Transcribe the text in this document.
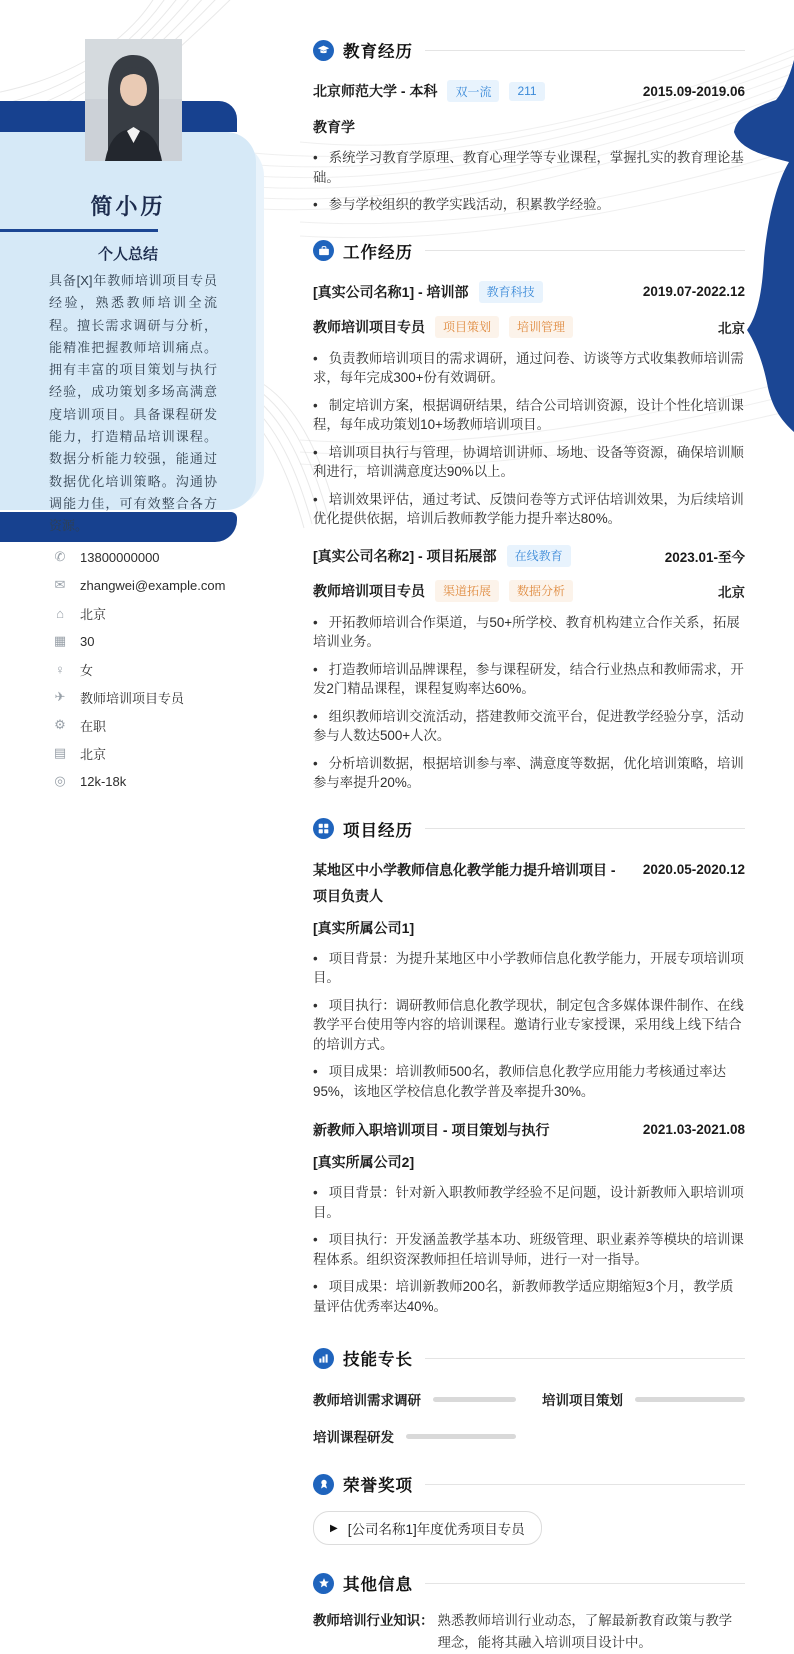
简小历
个人总结
具备[X]年教师培训项目专员经验，熟悉教师培训全流程。擅长需求调研与分析，能精准把握教师培训痛点。拥有丰富的项目策划与执行经验，成功策划多场高满意度培训项目。具备课程研发能力，打造精品培训课程。数据分析能力较强，能通过数据优化培训策略。沟通协调能力佳，可有效整合各方资源。
✆ 13800000000
✉ zhangwei@example.com
⌂	北京
▦ 30
♀ 女
✈ 教师培训项目专员
⚙ 在职
▤ 北京
◎ 12k-18k
教育经历
北京师范大学 - 本科	双一流	211	2015.09-2019.06
教育学
• 系统学习教育学原理、教育心理学等专业课程，掌握扎实的教育理论基础。
• 参与学校组织的教学实践活动，积累教学经验。
工作经历
[真实公司名称1] - 培训部	教育科技	2019.07-2022.12
教师培训项目专员	项目策划	培训管理	北京
• 负责教师培训项目的需求调研，通过问卷、访谈等方式收集教师培训需求，每年完成300+份有效调研。
• 制定培训方案，根据调研结果，结合公司培训资源，设计个性化培训课程，每年成功策划10+场教师培训项目。
• 培训项目执行与管理，协调培训讲师、场地、设备等资源，确保培训顺利进行，培训满意度达90%以上。
• 培训效果评估，通过考试、反馈问卷等方式评估培训效果，为后续培训优化提供依据，培训后教师教学能力提升率达80%。
[真实公司名称2] - 项目拓展部	在线教育	2023.01-至今
教师培训项目专员	渠道拓展	数据分析	北京
• 开拓教师培训合作渠道，与50+所学校、教育机构建立合作关系，拓展培训业务。
• 打造教师培训品牌课程，参与课程研发，结合行业热点和教师需求，开发2门精品课程，课程复购率达60%。
• 组织教师培训交流活动，搭建教师交流平台，促进教学经验分享，活动参与人数达500+人次。
• 分析培训数据，根据培训参与率、满意度等数据，优化培训策略，培训参与率提升20%。
项目经历
某地区中小学教师信息化教学能力提升培训项目 - 项目负责人
2020.05-2020.12
[真实所属公司1]
• 项目背景：为提升某地区中小学教师信息化教学能力，开展专项培训项目。
• 项目执行：调研教师信息化教学现状，制定包含多媒体课件制作、在线教学平台使用等内容的培训课程。邀请行业专家授课，采用线上线下结合的培训方式。
• 项目成果：培训教师500名，教师信息化教学应用能力考核通过率达95%，该地区学校信息化教学普及率提升30%。
新教师入职培训项目 - 项目策划与执行	2021.03-2021.08
[真实所属公司2]
• 项目背景：针对新入职教师教学经验不足问题，设计新教师入职培训项目。
• 项目执行：开发涵盖教学基本功、班级管理、职业素养等模块的培训课程体系。组织资深教师担任培训导师，进行一对一指导。
• 项目成果：培训新教师200名，新教师教学适应期缩短3个月，教学质量评估优秀率达40%。
技能专长
教师培训需求调研	培训项目策划
培训课程研发
荣誉奖项
▶ [公司名称1]年度优秀项目专员
其他信息
教师培训行业知识： 熟悉教师培训行业动态，了解最新教育政策与教学理念，能将其融入培训项目设计中。
